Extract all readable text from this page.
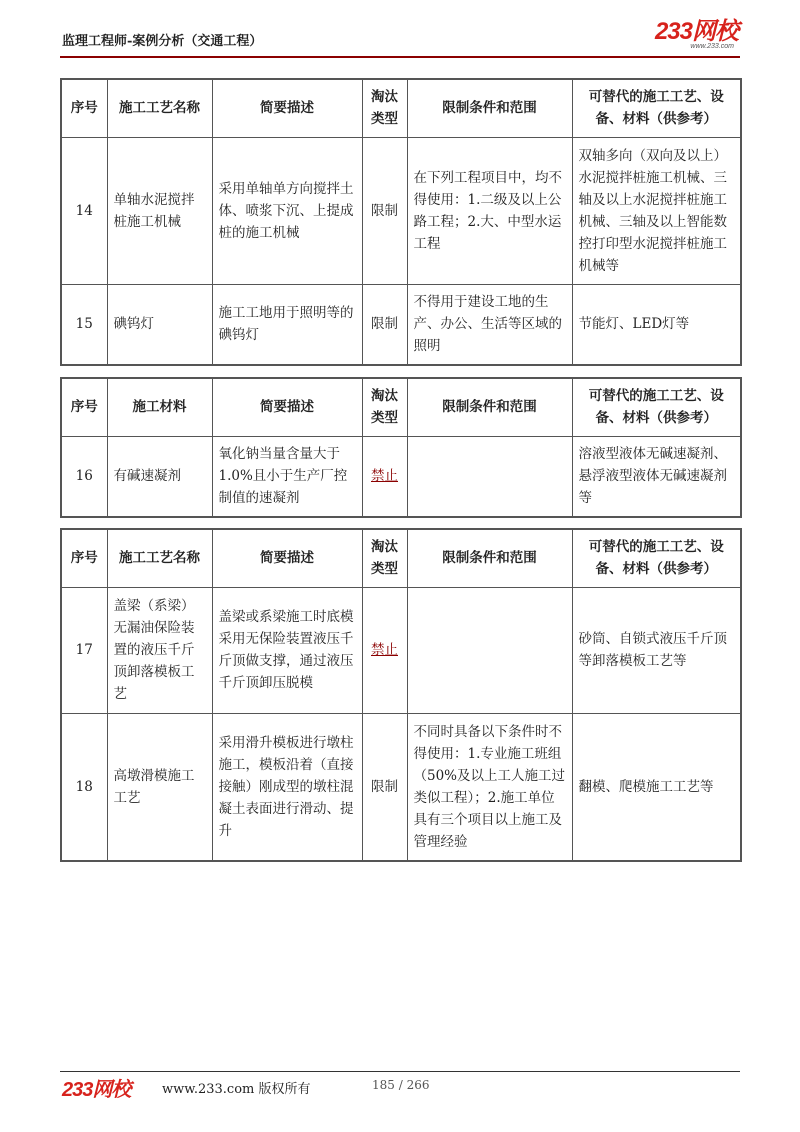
监理工程师-案例分析（交通工程）	233网校
www.233.com
序号	施工工艺名称	简要描述	淘汰类型	限制条件和范围	可替代的施工工艺、设备、材料（供参考）
14	单轴水泥搅拌桩施工机械	采用单轴单方向搅拌土体、喷浆下沉、上提成桩的施工机械	限制	在下列工程项目中，均不得使用：1.二级及以上公路工程；2.大、中型水运工程	双轴多向（双向及以上）水泥搅拌桩施工机械、三轴及以上水泥搅拌桩施工机械、三轴及以上智能数控打印型水泥搅拌桩施工机械等
15	碘钨灯	施工工地用于照明等的碘钨灯	限制	不得用于建设工地的生产、办公、生活等区域的照明	节能灯、LED灯等
序号	施工材料	简要描述	淘汰类型	限制条件和范围	可替代的施工工艺、设备、材料（供参考）
16	有碱速凝剂	氧化钠当量含量大于1.0%且小于生产厂控制值的速凝剂	禁止		溶液型液体无碱速凝剂、悬浮液型液体无碱速凝剂等
序号	施工工艺名称	简要描述	淘汰类型	限制条件和范围	可替代的施工工艺、设备、材料（供参考）
17	盖梁（系梁）无漏油保险装置的液压千斤顶卸落模板工艺	盖梁或系梁施工时底模采用无保险装置液压千斤顶做支撑，通过液压千斤顶卸压脱模	禁止		砂筒、自锁式液压千斤顶等卸落模板工艺等
18	高墩滑模施工工艺	采用滑升模板进行墩柱施工，模板沿着（直接接触）刚成型的墩柱混凝土表面进行滑动、提升	限制	不同时具备以下条件时不得使用：1.专业施工班组（50%及以上工人施工过类似工程）；2.施工单位具有三个项目以上施工及管理经验	翻模、爬模施工工艺等
233网校 www.233.com 版权所有	185 / 266
